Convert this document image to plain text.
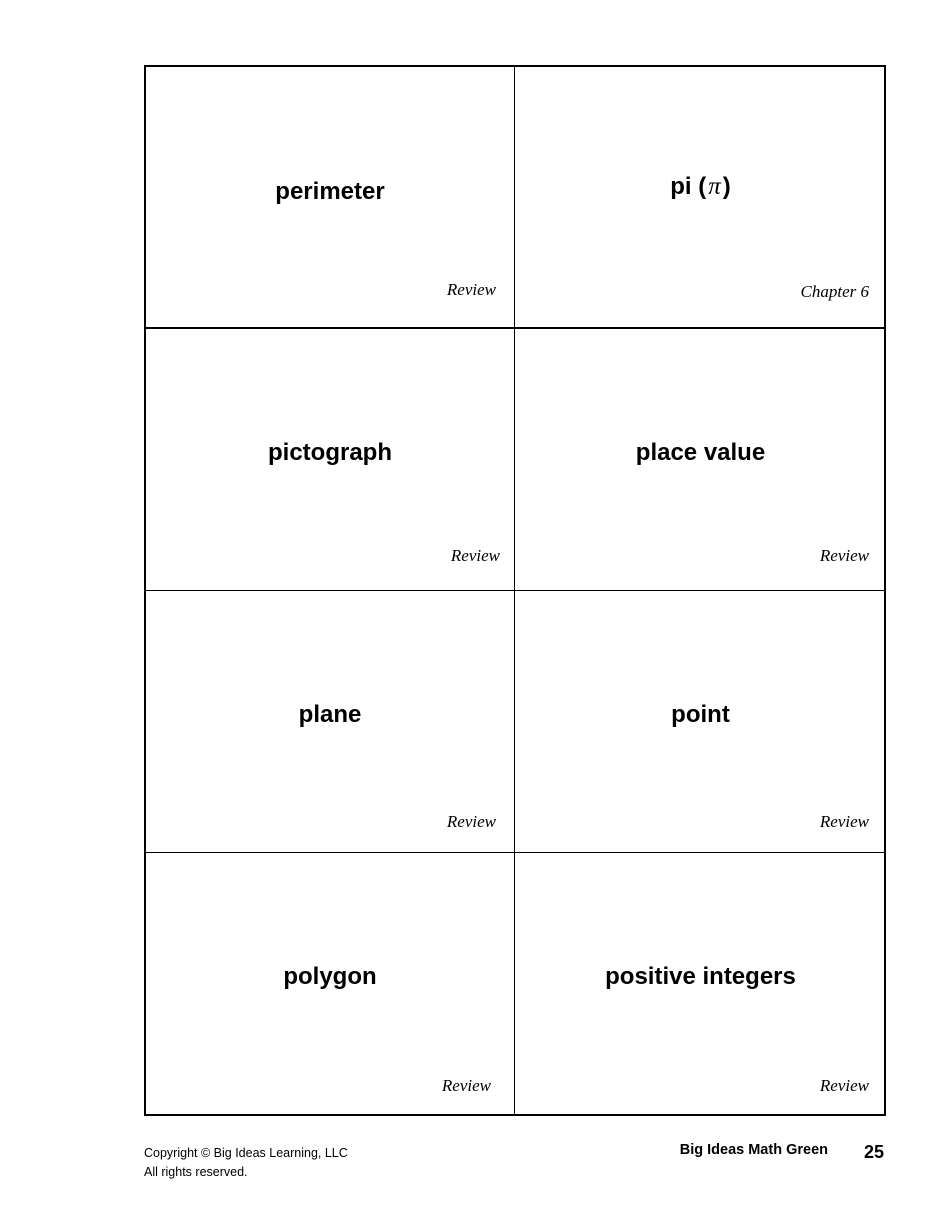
perimeter
Review
pi (π)
Chapter 6
pictograph
Review
place value
Review
plane
Review
point
Review
polygon
Review
positive integers
Review
Copyright © Big Ideas Learning, LLC
All rights reserved.
Big Ideas Math Green 25
